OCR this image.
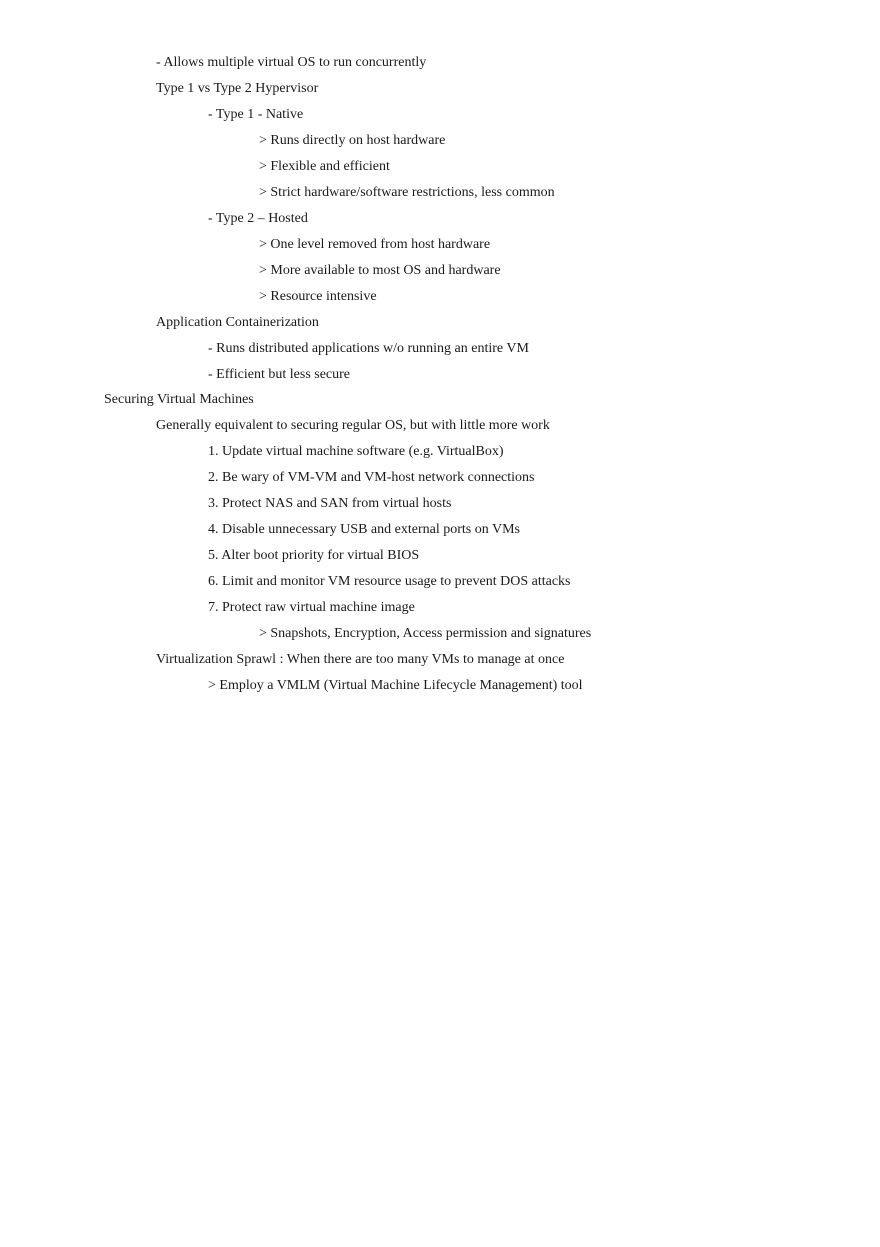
- Allows multiple virtual OS to run concurrently
Type 1 vs Type 2 Hypervisor
- Type 1 - Native
> Runs directly on host hardware
> Flexible and efficient
> Strict hardware/software restrictions, less common
- Type 2 – Hosted
> One level removed from host hardware
> More available to most OS and hardware
> Resource intensive
Application Containerization
- Runs distributed applications w/o running an entire VM
- Efficient but less secure
Securing Virtual Machines
Generally equivalent to securing regular OS, but with little more work
1. Update virtual machine software (e.g. VirtualBox)
2. Be wary of VM-VM and VM-host network connections
3. Protect NAS and SAN from virtual hosts
4. Disable unnecessary USB and external ports on VMs
5. Alter boot priority for virtual BIOS
6. Limit and monitor VM resource usage to prevent DOS attacks
7. Protect raw virtual machine image
> Snapshots, Encryption, Access permission and signatures
Virtualization Sprawl : When there are too many VMs to manage at once
> Employ a VMLM (Virtual Machine Lifecycle Management) tool
